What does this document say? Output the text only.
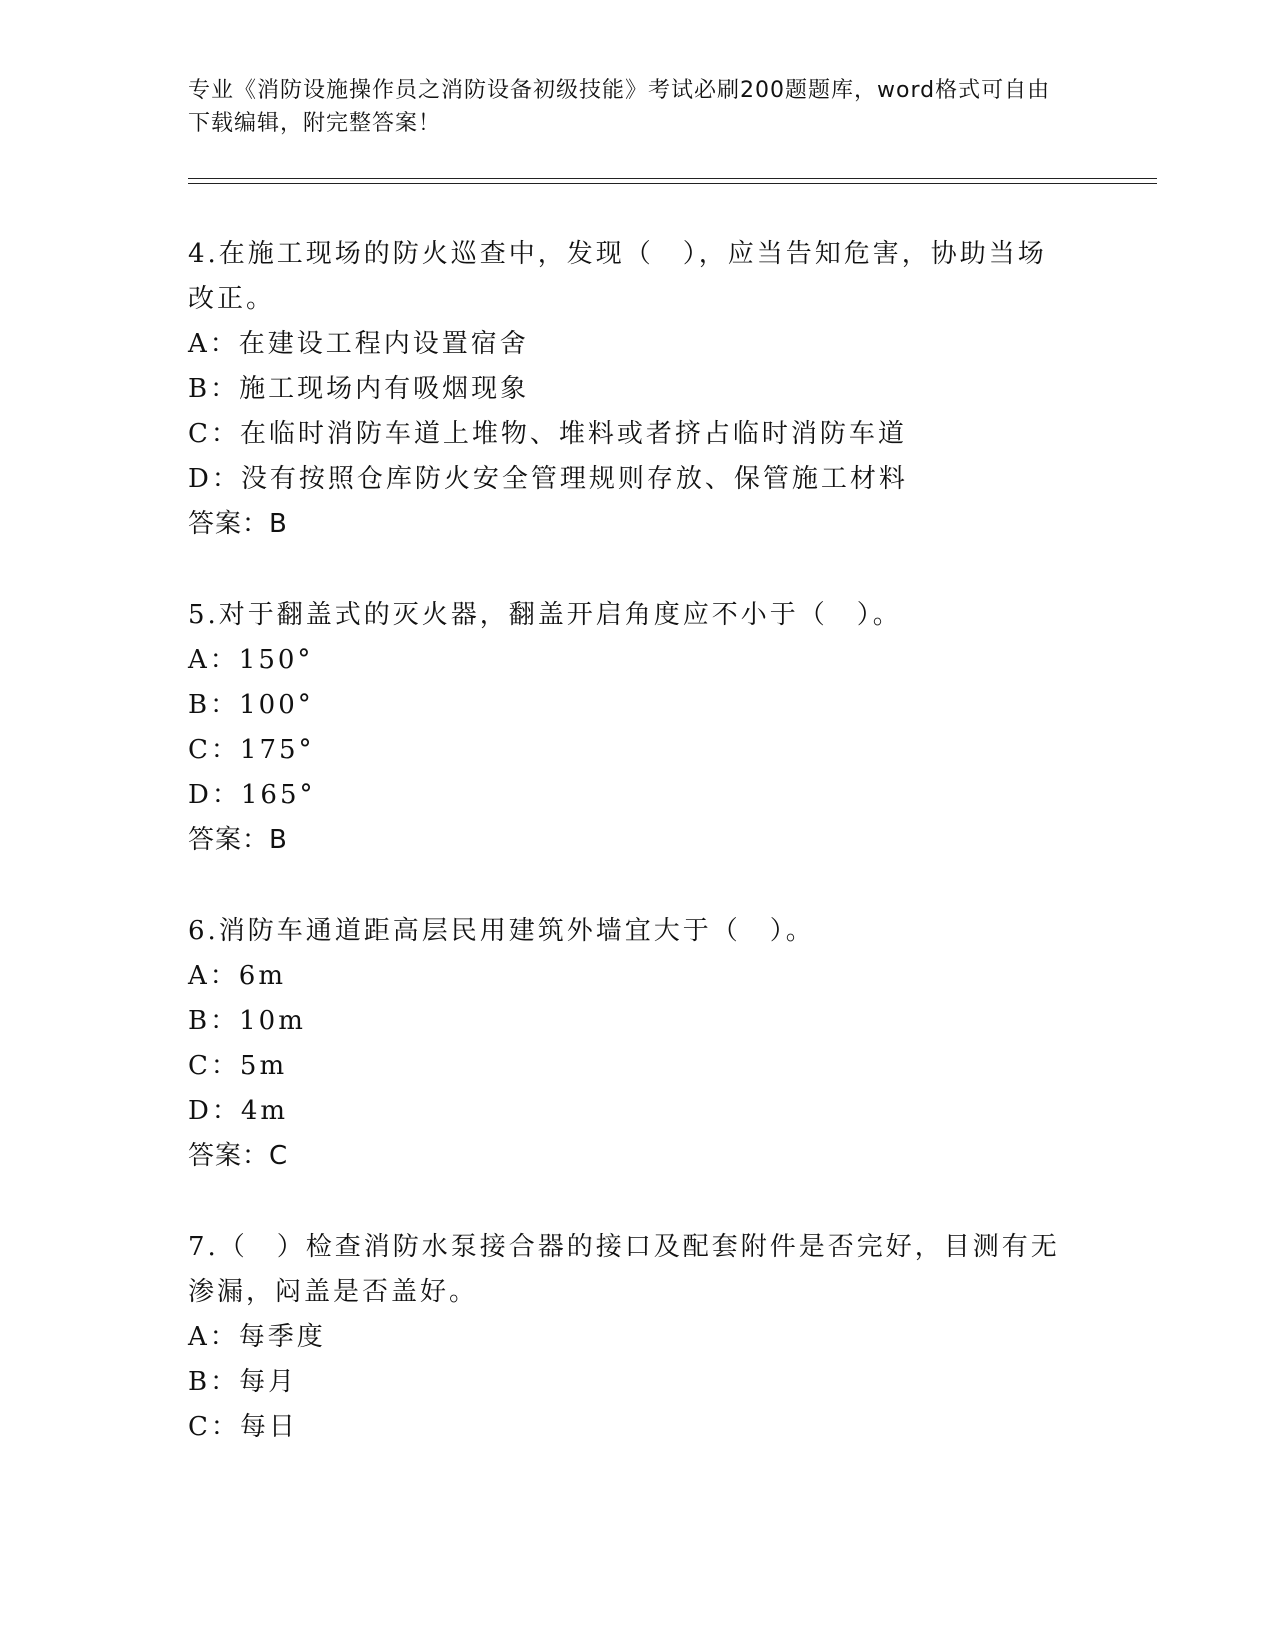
专业《消防设施操作员之消防设备初级技能》考试必刷200题题库，word格式可自由下载编辑，附完整答案！

4.在施工现场的防火巡查中，发现（　），应当告知危害，协助当场改正。

A：在建设工程内设置宿舍

B：施工现场内有吸烟现象

C：在临时消防车道上堆物、堆料或者挤占临时消防车道

D：没有按照仓库防火安全管理规则存放、保管施工材料

答案：B

5.对于翻盖式的灭火器，翻盖开启角度应不小于（　）。

A：150°

B：100°

C：175°

D：165°

答案：B

6.消防车通道距高层民用建筑外墙宜大于（　）。

A：6m

B：10m

C：5m

D：4m

答案：C

7.（　）检查消防水泵接合器的接口及配套附件是否完好，目测有无渗漏，闷盖是否盖好。

A：每季度

B：每月

C：每日
